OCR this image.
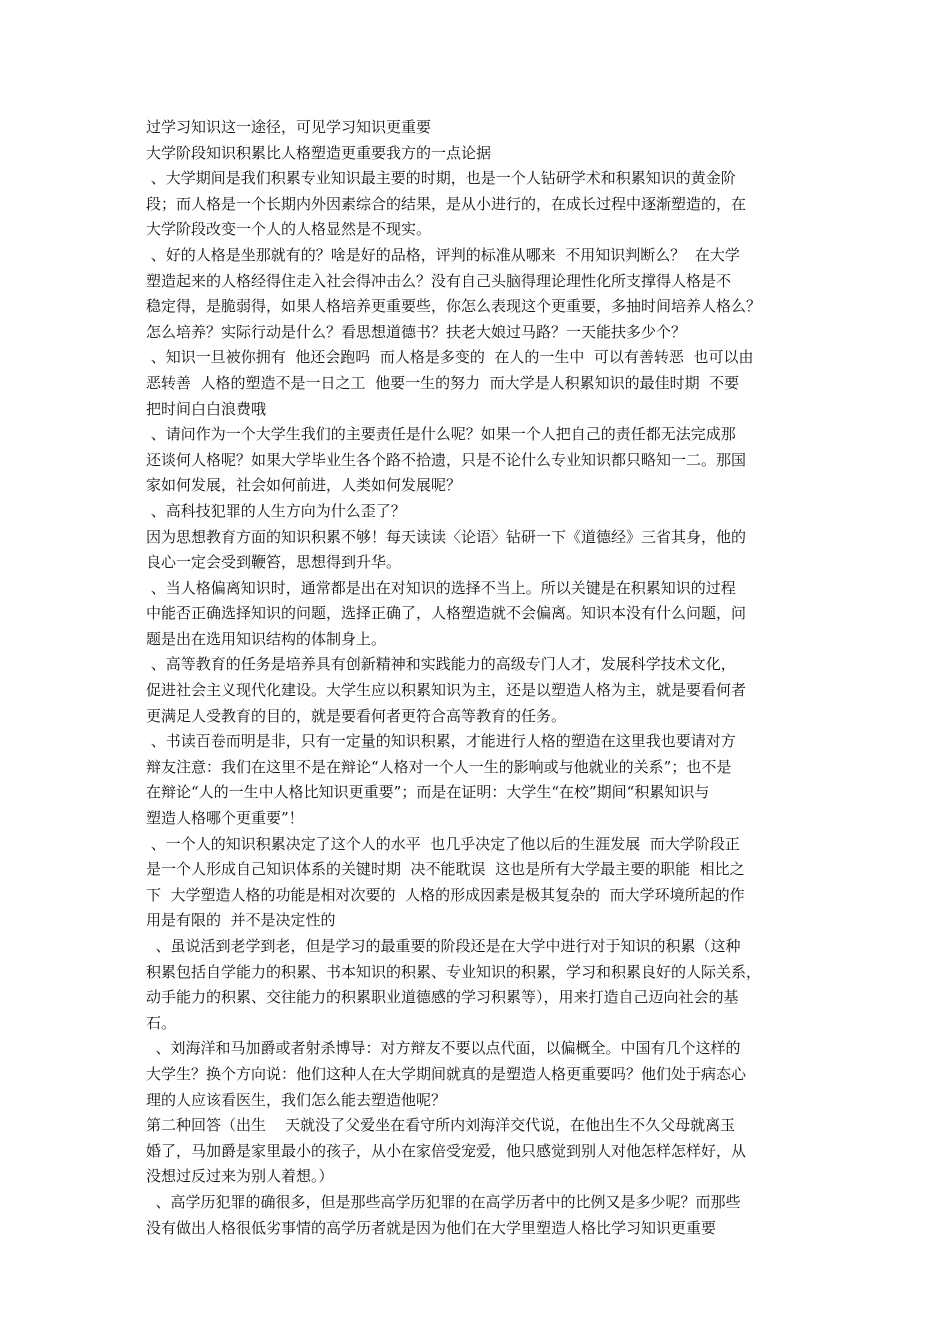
过学习知识这一途径，可见学习知识更重要

大学阶段知识积累比人格塑造更重要我方的一点论据

、大学期间是我们积累专业知识最主要的时期，也是一个人钻研学术和积累知识的黄金阶
段；而人格是一个长期内外因素综合的结果，是从小进行的，在成长过程中逐渐塑造的，在
大学阶段改变一个人的人格显然是不现实。

、好的人格是坐那就有的？啥是好的品格，评判的标准从哪来  不用知识判断么？  在大学
塑造起来的人格经得住走入社会得冲击么？没有自己头脑得理论理性化所支撑得人格是不
稳定得，是脆弱得，如果人格培养更重要些，你怎么表现这个更重要，多抽时间培养人格么？
怎么培养？实际行动是什么？看思想道德书？扶老大娘过马路？一天能扶多少个？

、知识一旦被你拥有  他还会跑吗  而人格是多变的  在人的一生中  可以有善转恶  也可以由
恶转善  人格的塑造不是一日之工  他要一生的努力  而大学是人积累知识的最佳时期  不要
把时间白白浪费哦

、请问作为一个大学生我们的主要责任是什么呢？如果一个人把自己的责任都无法完成那
还谈何人格呢？如果大学毕业生各个路不拾遗，只是不论什么专业知识都只略知一二。那国
家如何发展，社会如何前进，人类如何发展呢？

、高科技犯罪的人生方向为什么歪了？

因为思想教育方面的知识积累不够！每天读读〈论语〉钻研一下《道德经》三省其身，他的
良心一定会受到鞭笞，思想得到升华。

、当人格偏离知识时，通常都是出在对知识的选择不当上。所以关键是在积累知识的过程
中能否正确选择知识的问题，选择正确了，人格塑造就不会偏离。知识本没有什么问题，问
题是出在选用知识结构的体制身上。

、高等教育的任务是培养具有创新精神和实践能力的高级专门人才，发展科学技术文化，
促进社会主义现代化建设。大学生应以积累知识为主，还是以塑造人格为主，就是要看何者
更满足人受教育的目的，就是要看何者更符合高等教育的任务。

、书读百卷而明是非，只有一定量的知识积累，才能进行人格的塑造在这里我也要请对方
辩友注意：我们在这里不是在辩论“人格对一个人一生的影响或与他就业的关系”；也不是
在辩论“人的一生中人格比知识更重要”；而是在证明：大学生“在校”期间“积累知识与
塑造人格哪个更重要”！

、一个人的知识积累决定了这个人的水平  也几乎决定了他以后的生涯发展  而大学阶段正
是一个人形成自己知识体系的关键时期  决不能耽误  这也是所有大学最主要的职能  相比之
下  大学塑造人格的功能是相对次要的  人格的形成因素是极其复杂的  而大学环境所起的作
用是有限的  并不是决定性的

、虽说活到老学到老，但是学习的最重要的阶段还是在大学中进行对于知识的积累（这种
积累包括自学能力的积累、书本知识的积累、专业知识的积累，学习和积累良好的人际关系，
动手能力的积累、交往能力的积累职业道德感的学习积累等），用来打造自己迈向社会的基
石。

、刘海洋和马加爵或者射杀博导：对方辩友不要以点代面，以偏概全。中国有几个这样的
大学生？换个方向说：他们这种人在大学期间就真的是塑造人格更重要吗？他们处于病态心
理的人应该看医生，我们怎么能去塑造他呢？

第二种回答（出生    天就没了父爱坐在看守所内刘海洋交代说，在他出生不久父母就离玉
婚了，马加爵是家里最小的孩子，从小在家倍受宠爱，他只感觉到别人对他怎样怎样好，从
没想过反过来为别人着想。）

、高学历犯罪的确很多，但是那些高学历犯罪的在高学历者中的比例又是多少呢？而那些
没有做出人格很低劣事情的高学历者就是因为他们在大学里塑造人格比学习知识更重要
